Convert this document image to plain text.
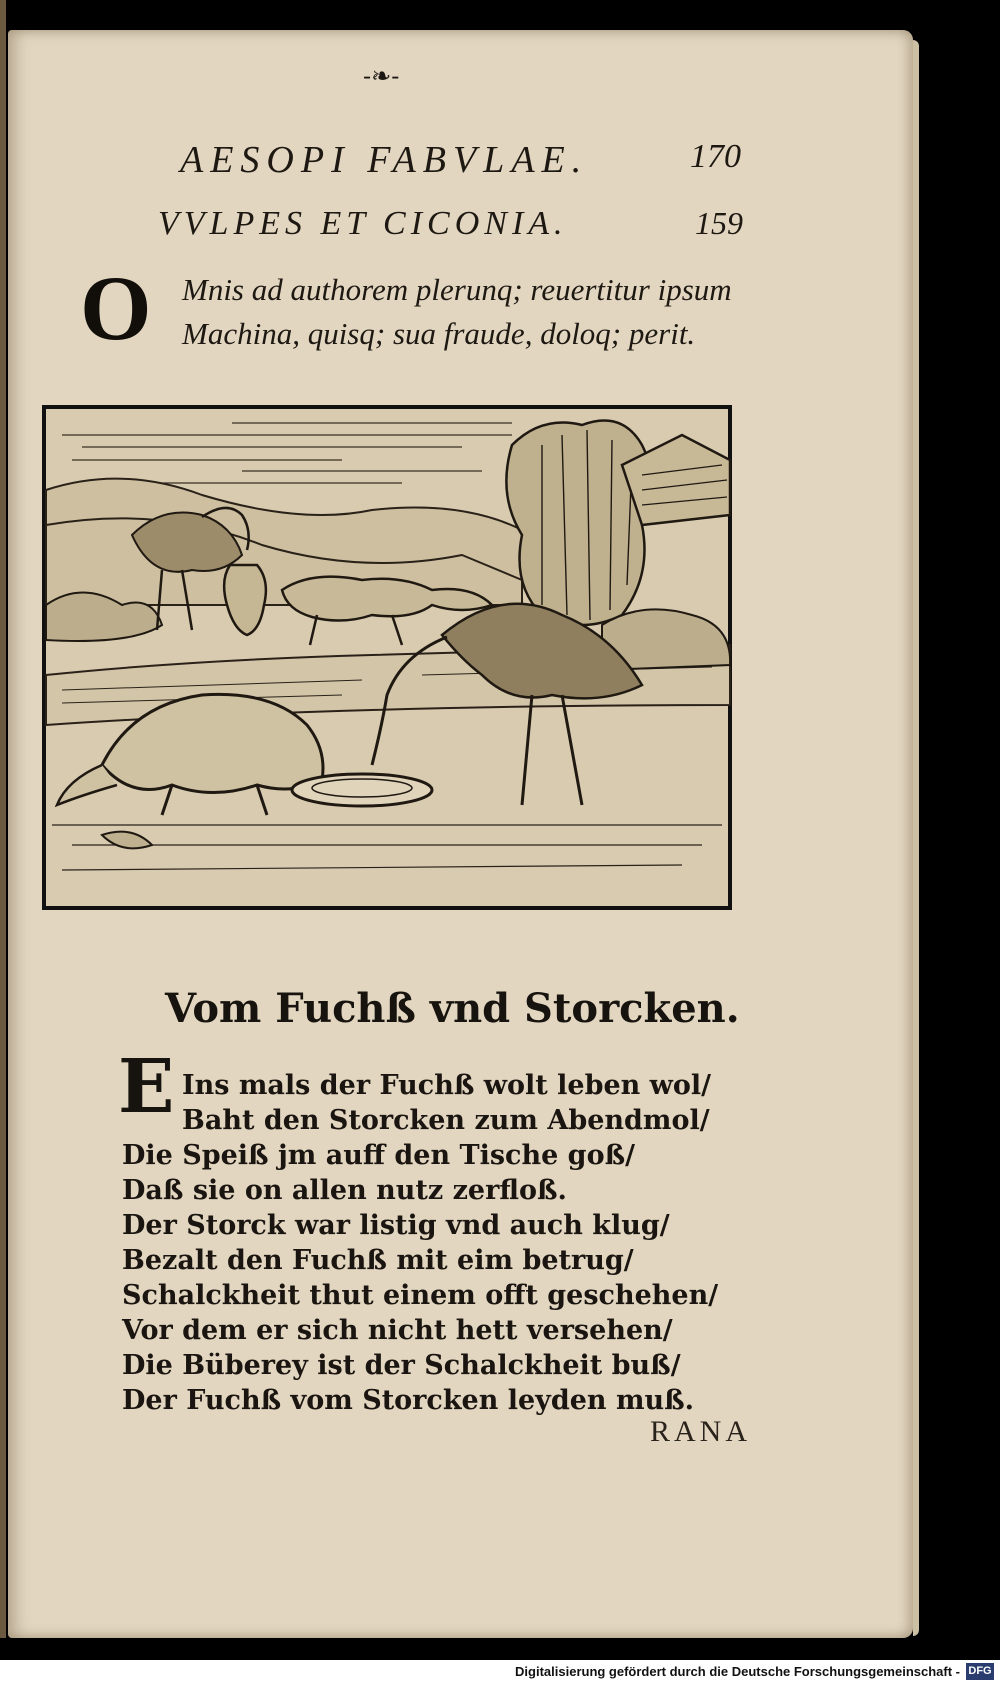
-❧-
AESOPI FABVLAE.	170
VVLPES ET CICONIA.	159
O Mnis ad authorem plerunq; reuertitur ipsum
Machina, quisq; sua fraude, doloq; perit.
Vom Fuchß vnd Storcken.
E Ins mals der Fuchß wolt leben wol/
Baht den Storcken zum Abendmol/
Die Speiß jm auff den Tische goß/
Daß sie on allen nutz zerfloß.
Der Storck war listig vnd auch klug/
Bezalt den Fuchß mit eim betrug/
Schalckheit thut einem offt geschehen/
Vor dem er sich nicht hett versehen/
Die Büberey ist der Schalckheit buß/
Der Fuchß vom Storcken leyden muß.
RANA
Digitalisierung gefördert durch die Deutsche Forschungsgemeinschaft - DFG
